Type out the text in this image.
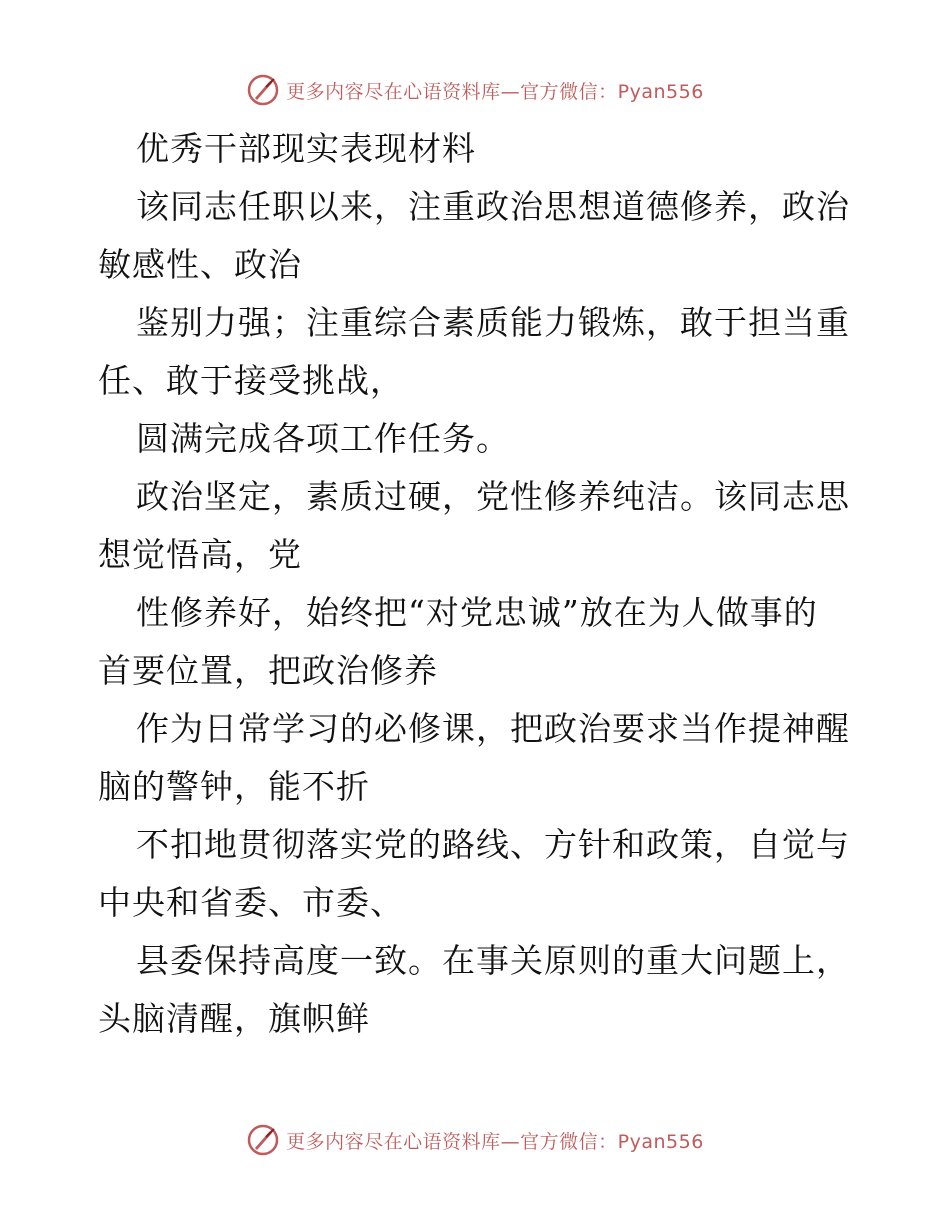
更多内容尽在心语资料库—官方微信：Pyan556
优秀干部现实表现材料
该同志任职以来，注重政治思想道德修养，政治
敏感性、政治
鉴别力强；注重综合素质能力锻炼，敢于担当重
任、敢于接受挑战，
圆满完成各项工作任务。
政治坚定，素质过硬，党性修养纯洁。该同志思
想觉悟高，党
性修养好，始终把“对党忠诚”放在为人做事的
首要位置，把政治修养
作为日常学习的必修课，把政治要求当作提神醒
脑的警钟，能不折
不扣地贯彻落实党的路线、方针和政策，自觉与
中央和省委、市委、
县委保持高度一致。在事关原则的重大问题上，
头脑清醒，旗帜鲜
更多内容尽在心语资料库—官方微信：Pyan556
